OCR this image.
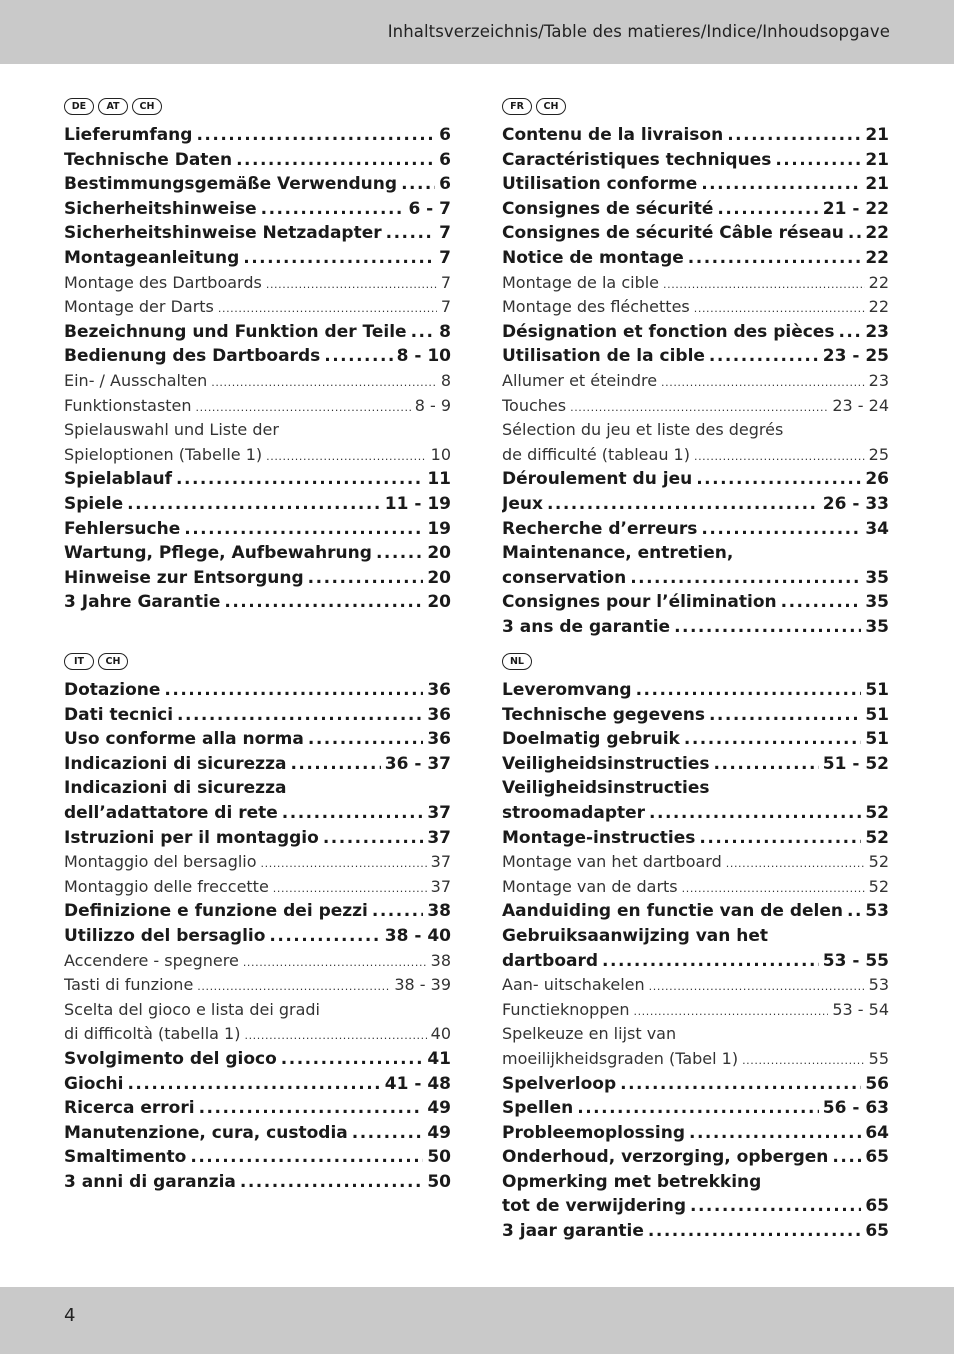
Inhaltsverzeichnis/Table des matieres/Indice/Inhoudsopgave
DE	AT	CH
Lieferumfang .....	6
Technische Daten .....	6
Bestimmungsgemäße Verwendung ..... 6
Sicherheitshinweise .....	6 - 7
Sicherheitshinweise Netzadapter .....	7
Montageanleitung .....	7
Montage des Dartboards .....	7
Montage der Darts .....	7
Bezeichnung und Funktion der Teile ..... 8
Bedienung des Dartboards .....	8 - 10
Ein- / Ausschalten .....	8
Funktionstasten .....	8 - 9
Spielauswahl und Liste der
Spieloptionen (Tabelle 1) .....	10
Spielablauf .....	11
Spiele .....	11 - 19
Fehlersuche .....	19
Wartung, Pflege, Aufbewahrung .....	20
Hinweise zur Entsorgung .....	20
3 Jahre Garantie .....	20
FR	CH
Contenu de la livraison .....	21
Caractéristiques techniques .....	21
Utilisation conforme .....	21
Consignes de sécurité .....	21 - 22
Consignes de sécurité Câble réseau ..... 22
Notice de montage .....	22
Montage de la cible .....	22
Montage des fléchettes .....	22
Désignation et fonction des pièces ..... 23
Utilisation de la cible .....	23 - 25
Allumer et éteindre .....	23
Touches .....	23 - 24
Sélection du jeu et liste des degrés
de difficulté (tableau 1) .....	25
Déroulement du jeu .....	26
Jeux .....	26 - 33
Recherche d’erreurs .....	34
Maintenance, entretien,
conservation .....	35
Consignes pour l’élimination .....	35
3 ans de garantie .....	35
IT	CH
Dotazione .....	36
Dati tecnici .....	36
Uso conforme alla norma .....	36
Indicazioni di sicurezza .....	36 - 37
Indicazioni di sicurezza
dell’adattatore di rete .....	37
Istruzioni per il montaggio .....	37
Montaggio del bersaglio .....	37
Montaggio delle freccette .....	37
Definizione e funzione dei pezzi .....	38
Utilizzo del bersaglio .....	38 - 40
Accendere - spegnere .....	38
Tasti di funzione .....	38 - 39
Scelta del gioco e lista dei gradi
di difficoltà (tabella 1) .....	40
Svolgimento del gioco .....	41
Giochi .....	41 - 48
Ricerca errori .....	49
Manutenzione, cura, custodia .....	49
Smaltimento .....	50
3 anni di garanzia .....	50
NL
Leveromvang .....	51
Technische gegevens .....	51
Doelmatig gebruik .....	51
Veiligheidsinstructies .....	51 - 52
Veiligheidsinstructies
stroomadapter .....	52
Montage-instructies .....	52
Montage van het dartboard .....	52
Montage van de darts .....	52
Aanduiding en functie van de delen ..... 53
Gebruiksaanwijzing van het
dartboard .....	53 - 55
Aan- uitschakelen .....	53
Functieknoppen .....	53 - 54
Spelkeuze en lijst van
moeilijkheidsgraden (Tabel 1) .....	55
Spelverloop .....	56
Spellen .....	56 - 63
Probleemoplossing .....	64
Onderhoud, verzorging, opbergen ..... 65
Opmerking met betrekking
tot de verwijdering .....	65
3 jaar garantie .....	65
4
